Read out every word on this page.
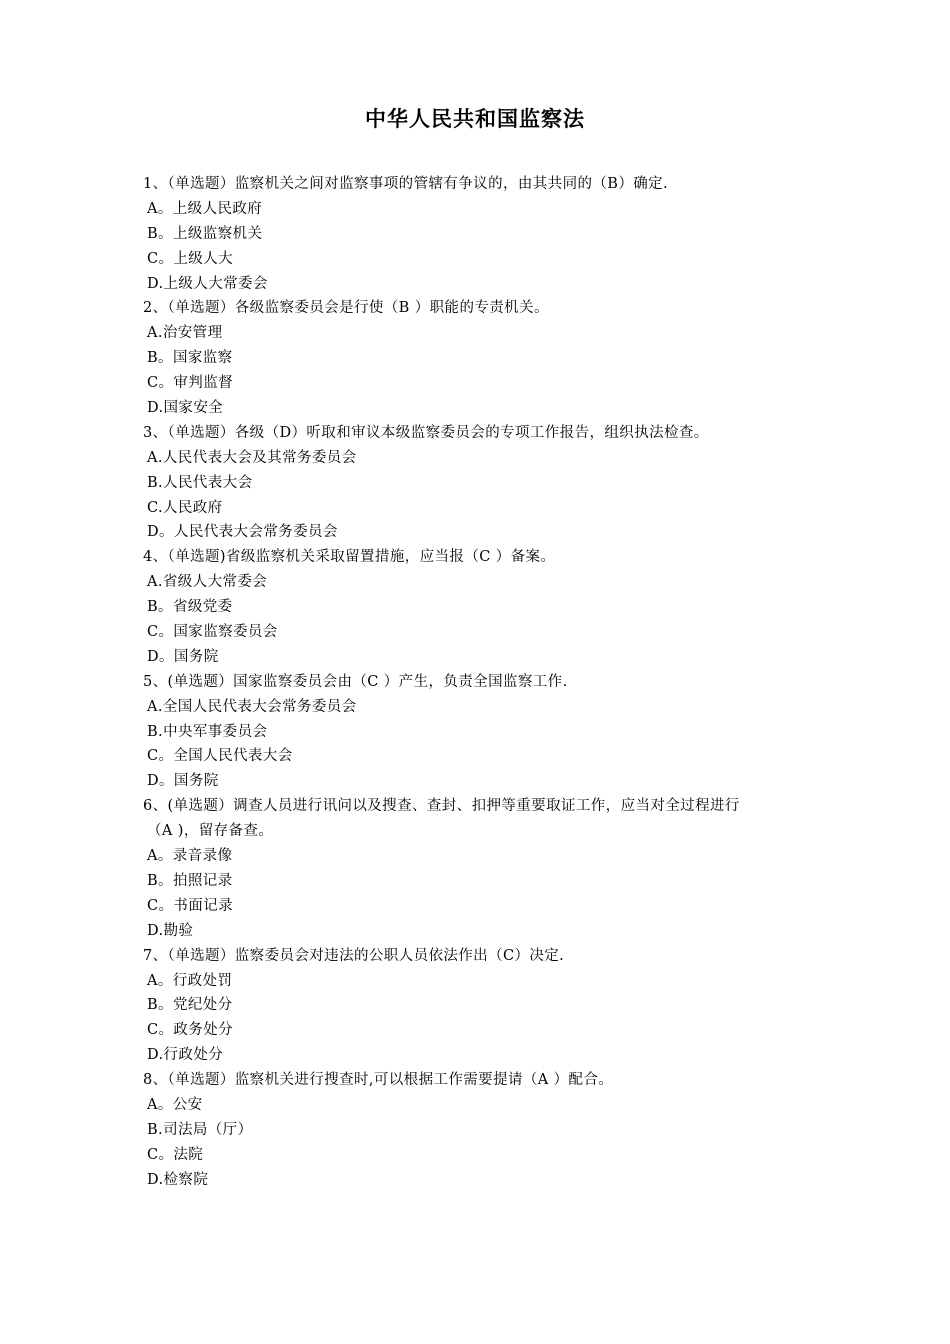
中华人民共和国监察法
1、（单选题）监察机关之间对监察事项的管辖有争议的，由其共同的（B）确定.
A。上级人民政府
B。上级监察机关
C。上级人大
D.上级人大常委会
2、（单选题）各级监察委员会是行使（B ）职能的专责机关。
A.治安管理
B。国家监察
C。审判监督
D.国家安全
3、（单选题）各级（D）听取和审议本级监察委员会的专项工作报告，组织执法检查。
A.人民代表大会及其常务委员会
B.人民代表大会
C.人民政府
D。人民代表大会常务委员会
4、（单选题)省级监察机关采取留置措施，应当报（C ）备案。
A.省级人大常委会
B。省级党委
C。国家监察委员会
D。国务院
5、(单选题）国家监察委员会由（C ）产生，负责全国监察工作.
A.全国人民代表大会常务委员会
B.中央军事委员会
C。全国人民代表大会
D。国务院
6、(单选题）调查人员进行讯问以及搜查、查封、扣押等重要取证工作，应当对全过程进行
（A )，留存备查。
A。录音录像
B。拍照记录
C。书面记录
D.勘验
7、（单选题）监察委员会对违法的公职人员依法作出（C）决定.
A。行政处罚
B。党纪处分
C。政务处分
D.行政处分
8、（单选题）监察机关进行搜查时,可以根据工作需要提请（A ）配合。
A。公安
B.司法局（厅）
C。法院
D.检察院
